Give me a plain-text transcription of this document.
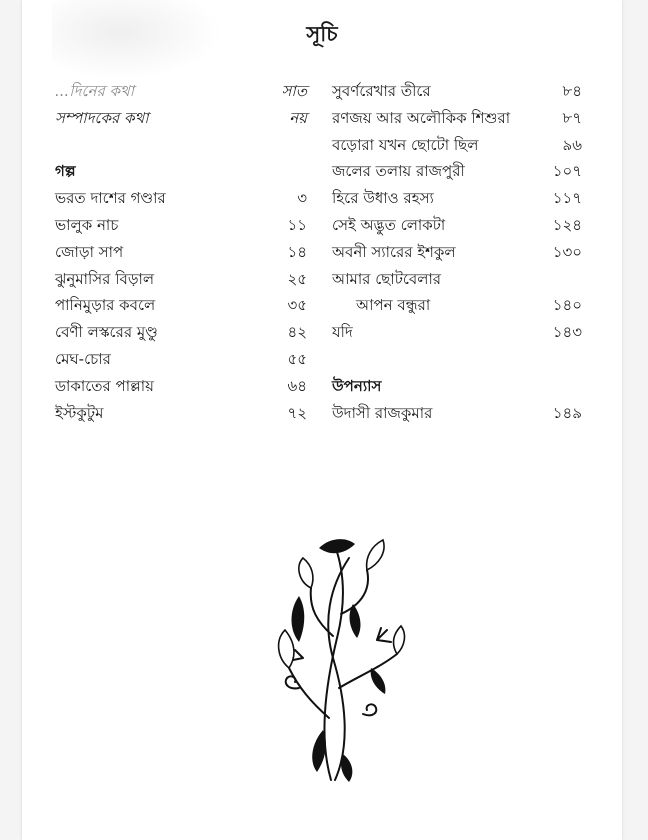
সূচি
...দিনের কথা	সাত
সম্পাদকের কথা	নয়
গল্প
ভরত দাশের গণ্ডার	৩
ভালুক নাচ	১১
জোড়া সাপ	১৪
ঝুনুমাসির বিড়াল	২৫
পানিমুড়ার কবলে	৩৫
বেণী লস্করের মুণ্ডু	৪২
মেঘ-চোর	৫৫
ডাকাতের পাল্লায়	৬৪
ইস্টকুটুম	৭২
সুবর্ণরেখার তীরে	৮৪
রণজয় আর অলৌকিক শিশুরা	৮৭
বড়োরা যখন ছোটো ছিল	৯৬
জলের তলায় রাজপুরী	১০৭
হিরে উধাও রহস্য	১১৭
সেই অদ্ভুত লোকটা	১২৪
অবনী স্যারের ইশকুল	১৩০
আমার ছোটবেলার
আপন বন্ধুরা	১৪০
যদি	১৪৩
উপন্যাস
উদাসী রাজকুমার	১৪৯
